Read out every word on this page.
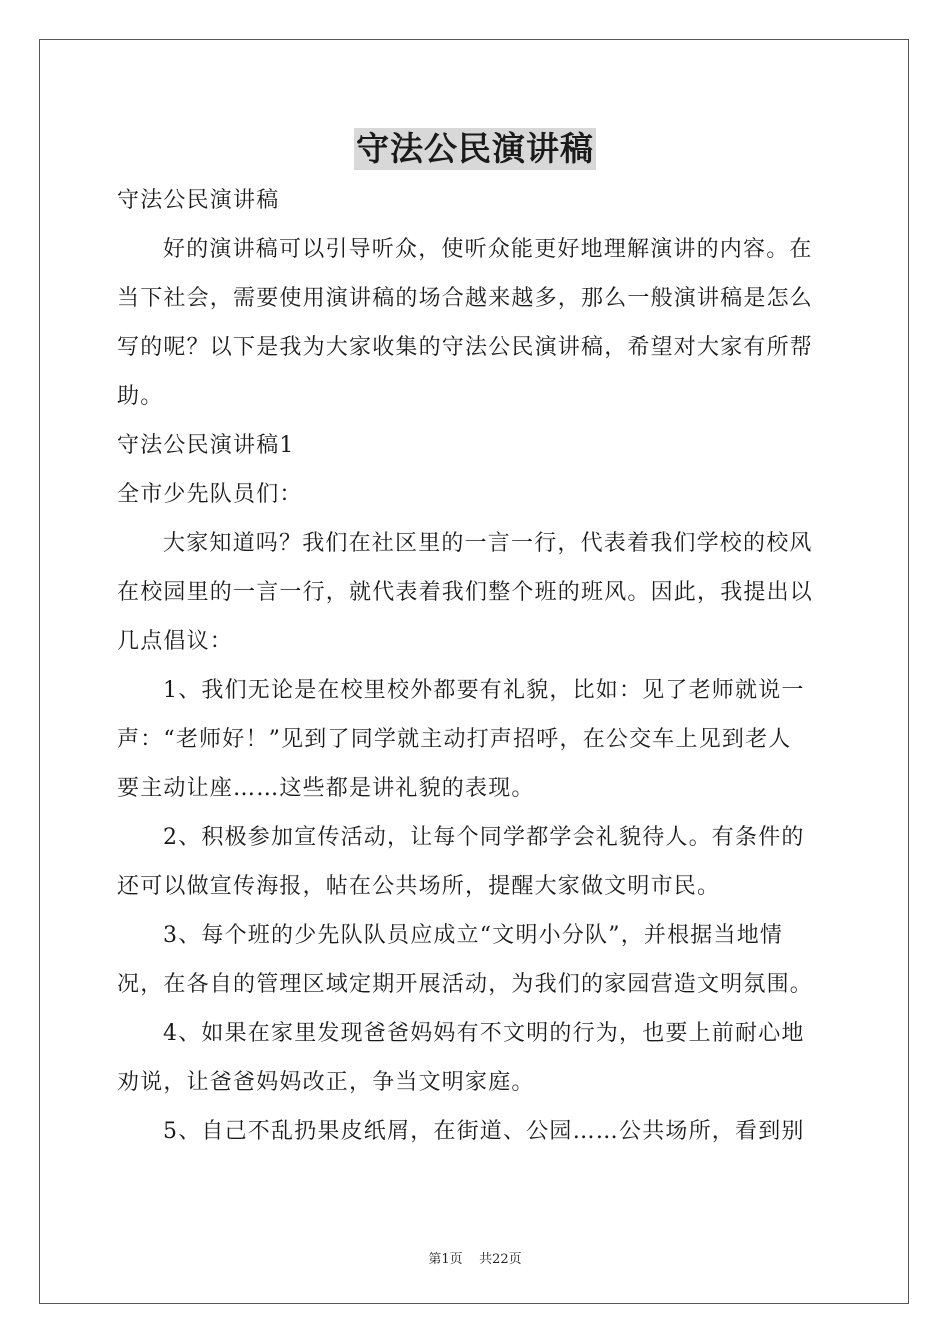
守法公民演讲稿
守法公民演讲稿
好的演讲稿可以引导听众，使听众能更好地理解演讲的内容。在
当下社会，需要使用演讲稿的场合越来越多，那么一般演讲稿是怎么
写的呢？以下是我为大家收集的守法公民演讲稿，希望对大家有所帮
助。
守法公民演讲稿1
全市少先队员们：
大家知道吗？我们在社区里的一言一行，代表着我们学校的校风
在校园里的一言一行，就代表着我们整个班的班风。因此，我提出以
几点倡议：
1、我们无论是在校里校外都要有礼貌，比如：见了老师就说一
声：“老师好！”见到了同学就主动打声招呼，在公交车上见到老人
要主动让座……这些都是讲礼貌的表现。
2、积极参加宣传活动，让每个同学都学会礼貌待人。有条件的
还可以做宣传海报，帖在公共场所，提醒大家做文明市民。
3、每个班的少先队队员应成立“文明小分队”，并根据当地情
况，在各自的管理区域定期开展活动，为我们的家园营造文明氛围。
4、如果在家里发现爸爸妈妈有不文明的行为，也要上前耐心地
劝说，让爸爸妈妈改正，争当文明家庭。
5、自己不乱扔果皮纸屑，在街道、公园……公共场所，看到别
第1页 共22页
